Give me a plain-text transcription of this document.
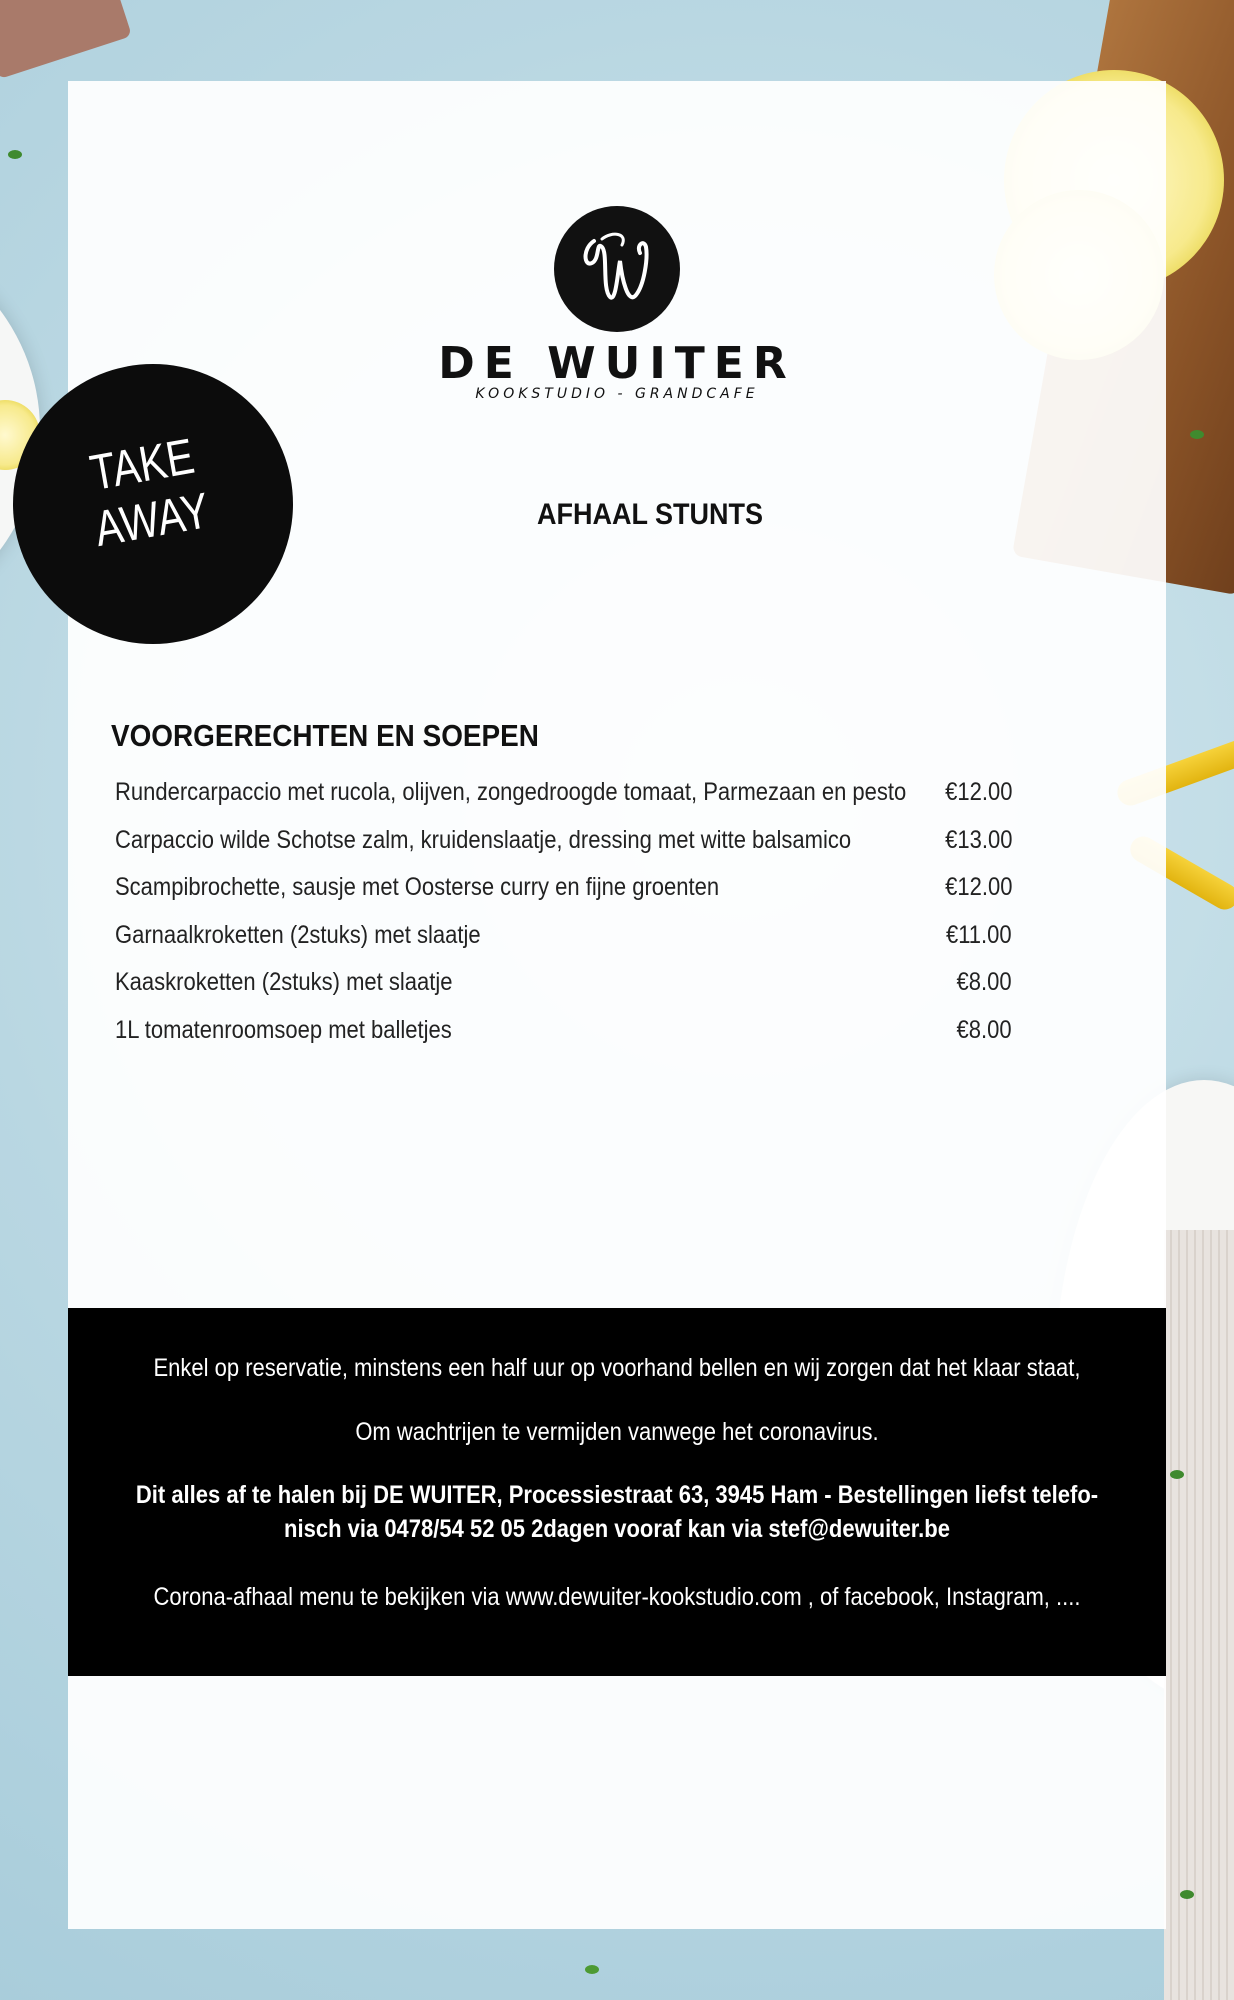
DE WUITER
KOOKSTUDIO - GRANDCAFE
TAKE
AWAY	AFHAAL STUNTS
VOORGERECHTEN EN SOEPEN
Rundercarpaccio met rucola, olijven, zongedroogde tomaat, Parmezaan en pesto €12.00
Carpaccio wilde Schotse zalm, kruidenslaatje, dressing met witte balsamico	€13.00
Scampibrochette, sausje met Oosterse curry en fijne groenten	€12.00
Garnaalkroketten (2stuks) met slaatje	€11.00
Kaaskroketten (2stuks) met slaatje	€8.00
1L tomatenroomsoep met balletjes	€8.00

Enkel op reservatie, minstens een half uur op voorhand bellen en wij zorgen dat het klaar staat,

Om wachtrijen te vermijden vanwege het coronavirus.

Dit alles af te halen bij DE WUITER, Processiestraat 63, 3945 Ham - Bestellingen liefst telefo-

nisch via 0478/54 52 05 2dagen vooraf kan via stef@dewuiter.be

Corona-afhaal menu te bekijken via www.dewuiter-kookstudio.com , of facebook, Instagram, ....
